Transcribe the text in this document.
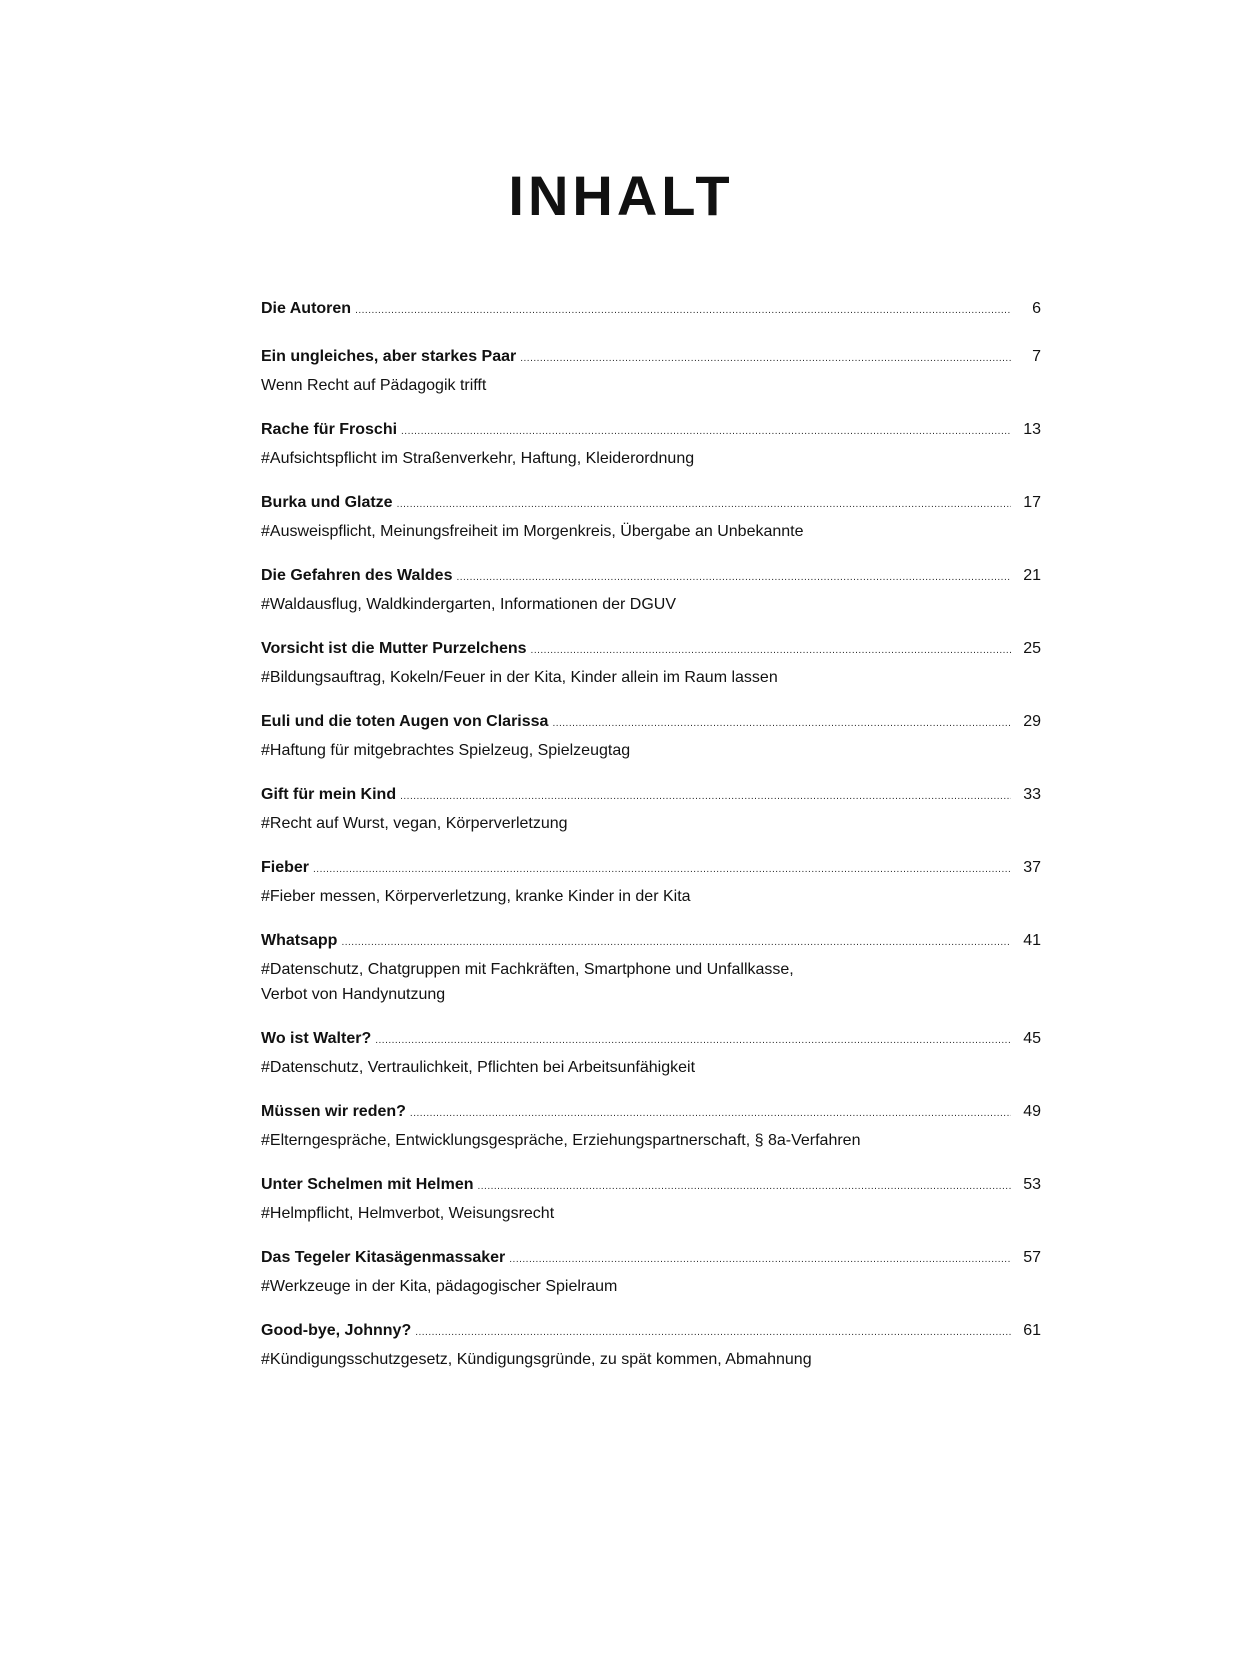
INHALT
Die Autoren .....	6
Ein ungleiches, aber starkes Paar .....	7
Wenn Recht auf Pädagogik trifft
Rache für Froschi .....	13
#Aufsichtspflicht im Straßenverkehr, Haftung, Kleiderordnung
Burka und Glatze .....	17
#Ausweispflicht, Meinungsfreiheit im Morgenkreis, Übergabe an Unbekannte
Die Gefahren des Waldes .....	21
#Waldausflug, Waldkindergarten, Informationen der DGUV
Vorsicht ist die Mutter Purzelchens .....	25
#Bildungsauftrag, Kokeln/Feuer in der Kita, Kinder allein im Raum lassen
Euli und die toten Augen von Clarissa .....	29
#Haftung für mitgebrachtes Spielzeug, Spielzeugtag
Gift für mein Kind .....	33
#Recht auf Wurst, vegan, Körperverletzung
Fieber .....	37
#Fieber messen, Körperverletzung, kranke Kinder in der Kita
Whatsapp .....	41
#Datenschutz, Chatgruppen mit Fachkräften, Smartphone und Unfallkasse,
Verbot von Handynutzung
Wo ist Walter? .....	45
#Datenschutz, Vertraulichkeit, Pflichten bei Arbeitsunfähigkeit
Müssen wir reden? .....	49
#Elterngespräche, Entwicklungsgespräche, Erziehungspartnerschaft, § 8a-Verfahren
Unter Schelmen mit Helmen .....	53
#Helmpflicht, Helmverbot, Weisungsrecht
Das Tegeler Kitasägenmassaker .....	57
#Werkzeuge in der Kita, pädagogischer Spielraum
Good-bye, Johnny? .....	61
#Kündigungsschutzgesetz, Kündigungsgründe, zu spät kommen, Abmahnung
